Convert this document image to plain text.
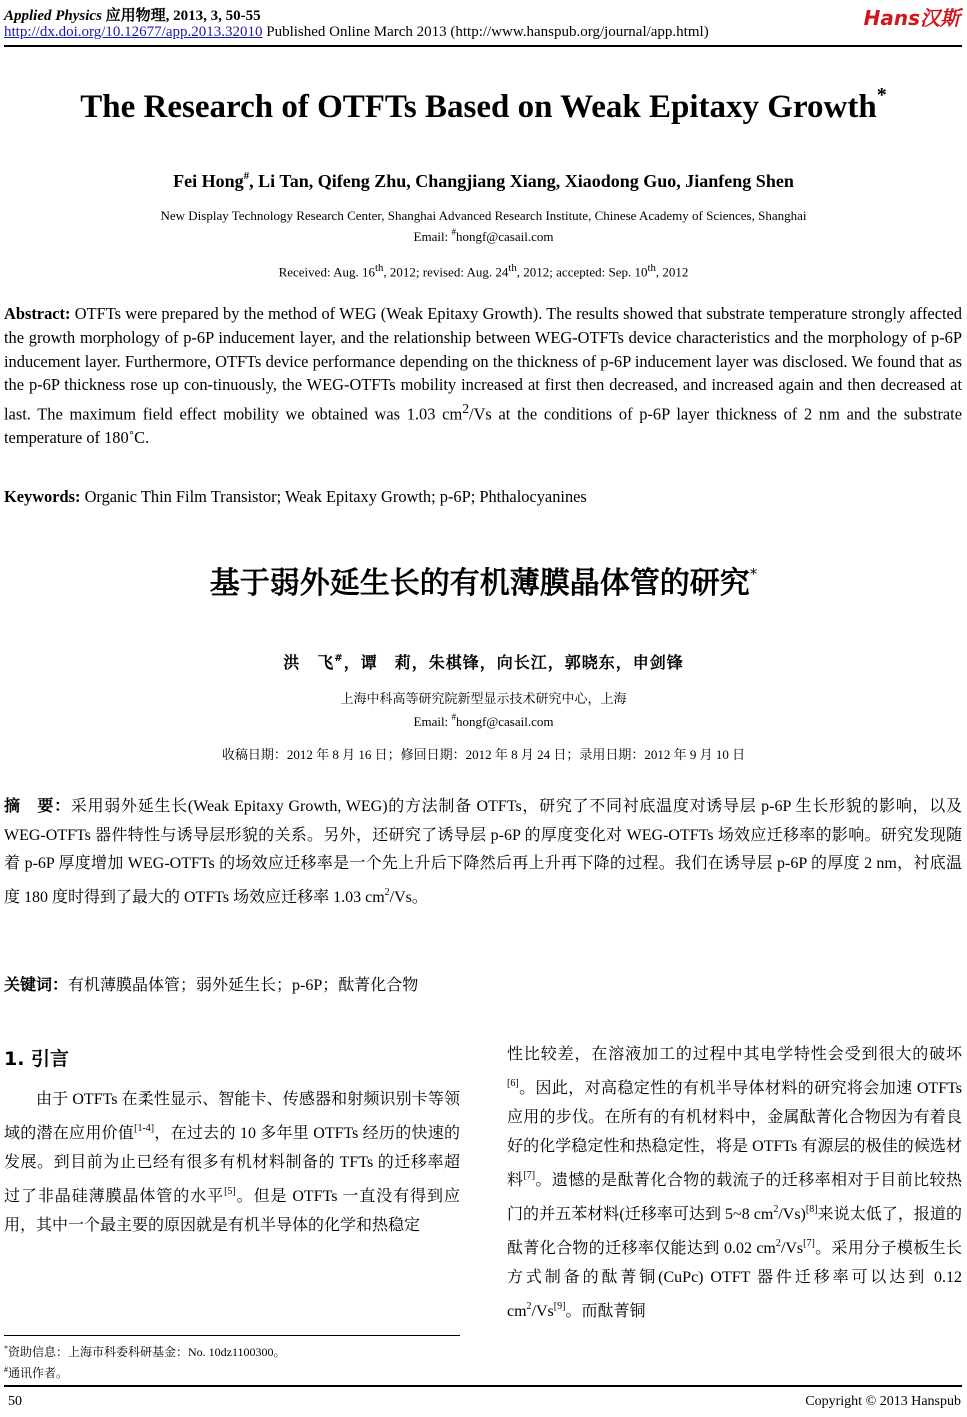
Applied Physics 应用物理, 2013, 3, 50-55
http://dx.doi.org/10.12677/app.2013.32010 Published Online March 2013 (http://www.hanspub.org/journal/app.html)
Hans汉斯
The Research of OTFTs Based on Weak Epitaxy Growth*
Fei Hong#, Li Tan, Qifeng Zhu, Changjiang Xiang, Xiaodong Guo, Jianfeng Shen
New Display Technology Research Center, Shanghai Advanced Research Institute, Chinese Academy of Sciences, Shanghai
Email: #hongf@casail.com
Received: Aug. 16th, 2012; revised: Aug. 24th, 2012; accepted: Sep. 10th, 2012
Abstract: OTFTs were prepared by the method of WEG (Weak Epitaxy Growth). The results showed that substrate temperature strongly affected the growth morphology of p-6P inducement layer, and the relationship between WEG-OTFTs device characteristics and the morphology of p-6P inducement layer. Furthermore, OTFTs device performance depending on the thickness of p-6P inducement layer was disclosed. We found that as the p-6P thickness rose up con-tinuously, the WEG-OTFTs mobility increased at first then decreased, and increased again and then decreased at last. The maximum field effect mobility we obtained was 1.03 $cm^2/Vs$ at the conditions of p-6P layer thickness of 2 nm and the substrate temperature of 180˚C.
Keywords: Organic Thin Film Transistor; Weak Epitaxy Growth; p-6P; Phthalocyanines
基于弱外延生长的有机薄膜晶体管的研究*
洪　飞#，谭　莉，朱棋锋，向长江，郭晓东，申剑锋
上海中科高等研究院新型显示技术研究中心，上海
Email: #hongf@casail.com
收稿日期：2012 年 8 月 16 日；修回日期：2012 年 8 月 24 日；录用日期：2012 年 9 月 10 日
摘　要：采用弱外延生长(Weak Epitaxy Growth, WEG)的方法制备 OTFTs，研究了不同衬底温度对诱导层 p-6P 生长形貌的影响，以及 WEG-OTFTs 器件特性与诱导层形貌的关系。另外，还研究了诱导层 p-6P 的厚度变化对 WEG-OTFTs 场效应迁移率的影响。研究发现随着 p-6P 厚度增加 WEG-OTFTs 的场效应迁移率是一个先上升后下降然后再上升再下降的过程。我们在诱导层 p-6P 的厚度 2 nm，衬底温度 180 度时得到了最大的 OTFTs 场效应迁移率 1.03 $cm^2/Vs$。
关键词：有机薄膜晶体管；弱外延生长；p-6P；酞菁化合物
1. 引言

由于 OTFTs 在柔性显示、智能卡、传感器和射频识别卡等领域的潜在应用价值[1-4]，在过去的 10 多年里 OTFTs 经历的快速的发展。到目前为止已经有很多有机材料制备的 TFTs 的迁移率超过了非晶硅薄膜晶体管的水平[5]。但是 OTFTs 一直没有得到应用，其中一个最主要的原因就是有机半导体的化学和热稳定

性比较差，在溶液加工的过程中其电学特性会受到很大的破坏[6]。因此，对高稳定性的有机半导体材料的研究将会加速 OTFTs 应用的步伐。在所有的有机材料中，金属酞菁化合物因为有着良好的化学稳定性和热稳定性，将是 OTFTs 有源层的极佳的候选材料[7]。遗憾的是酞菁化合物的载流子的迁移率相对于目前比较热门的并五苯材料(迁移率可达到 5~8 $cm^2/Vs)[8]$来说太低了，报道的酞菁化合物的迁移率仅能达到 0.02 $cm^2/Vs[7]$。采用分子模板生长方式制备的酞菁铜(CuPc) OTFT 器件迁移率可以达到 0.12 $cm^2/Vs[9]$。而酞菁铜
*资助信息：上海市科委科研基金：No. 10dz1100300。
#通讯作者。
50	Copyright © 2013 Hanspub
